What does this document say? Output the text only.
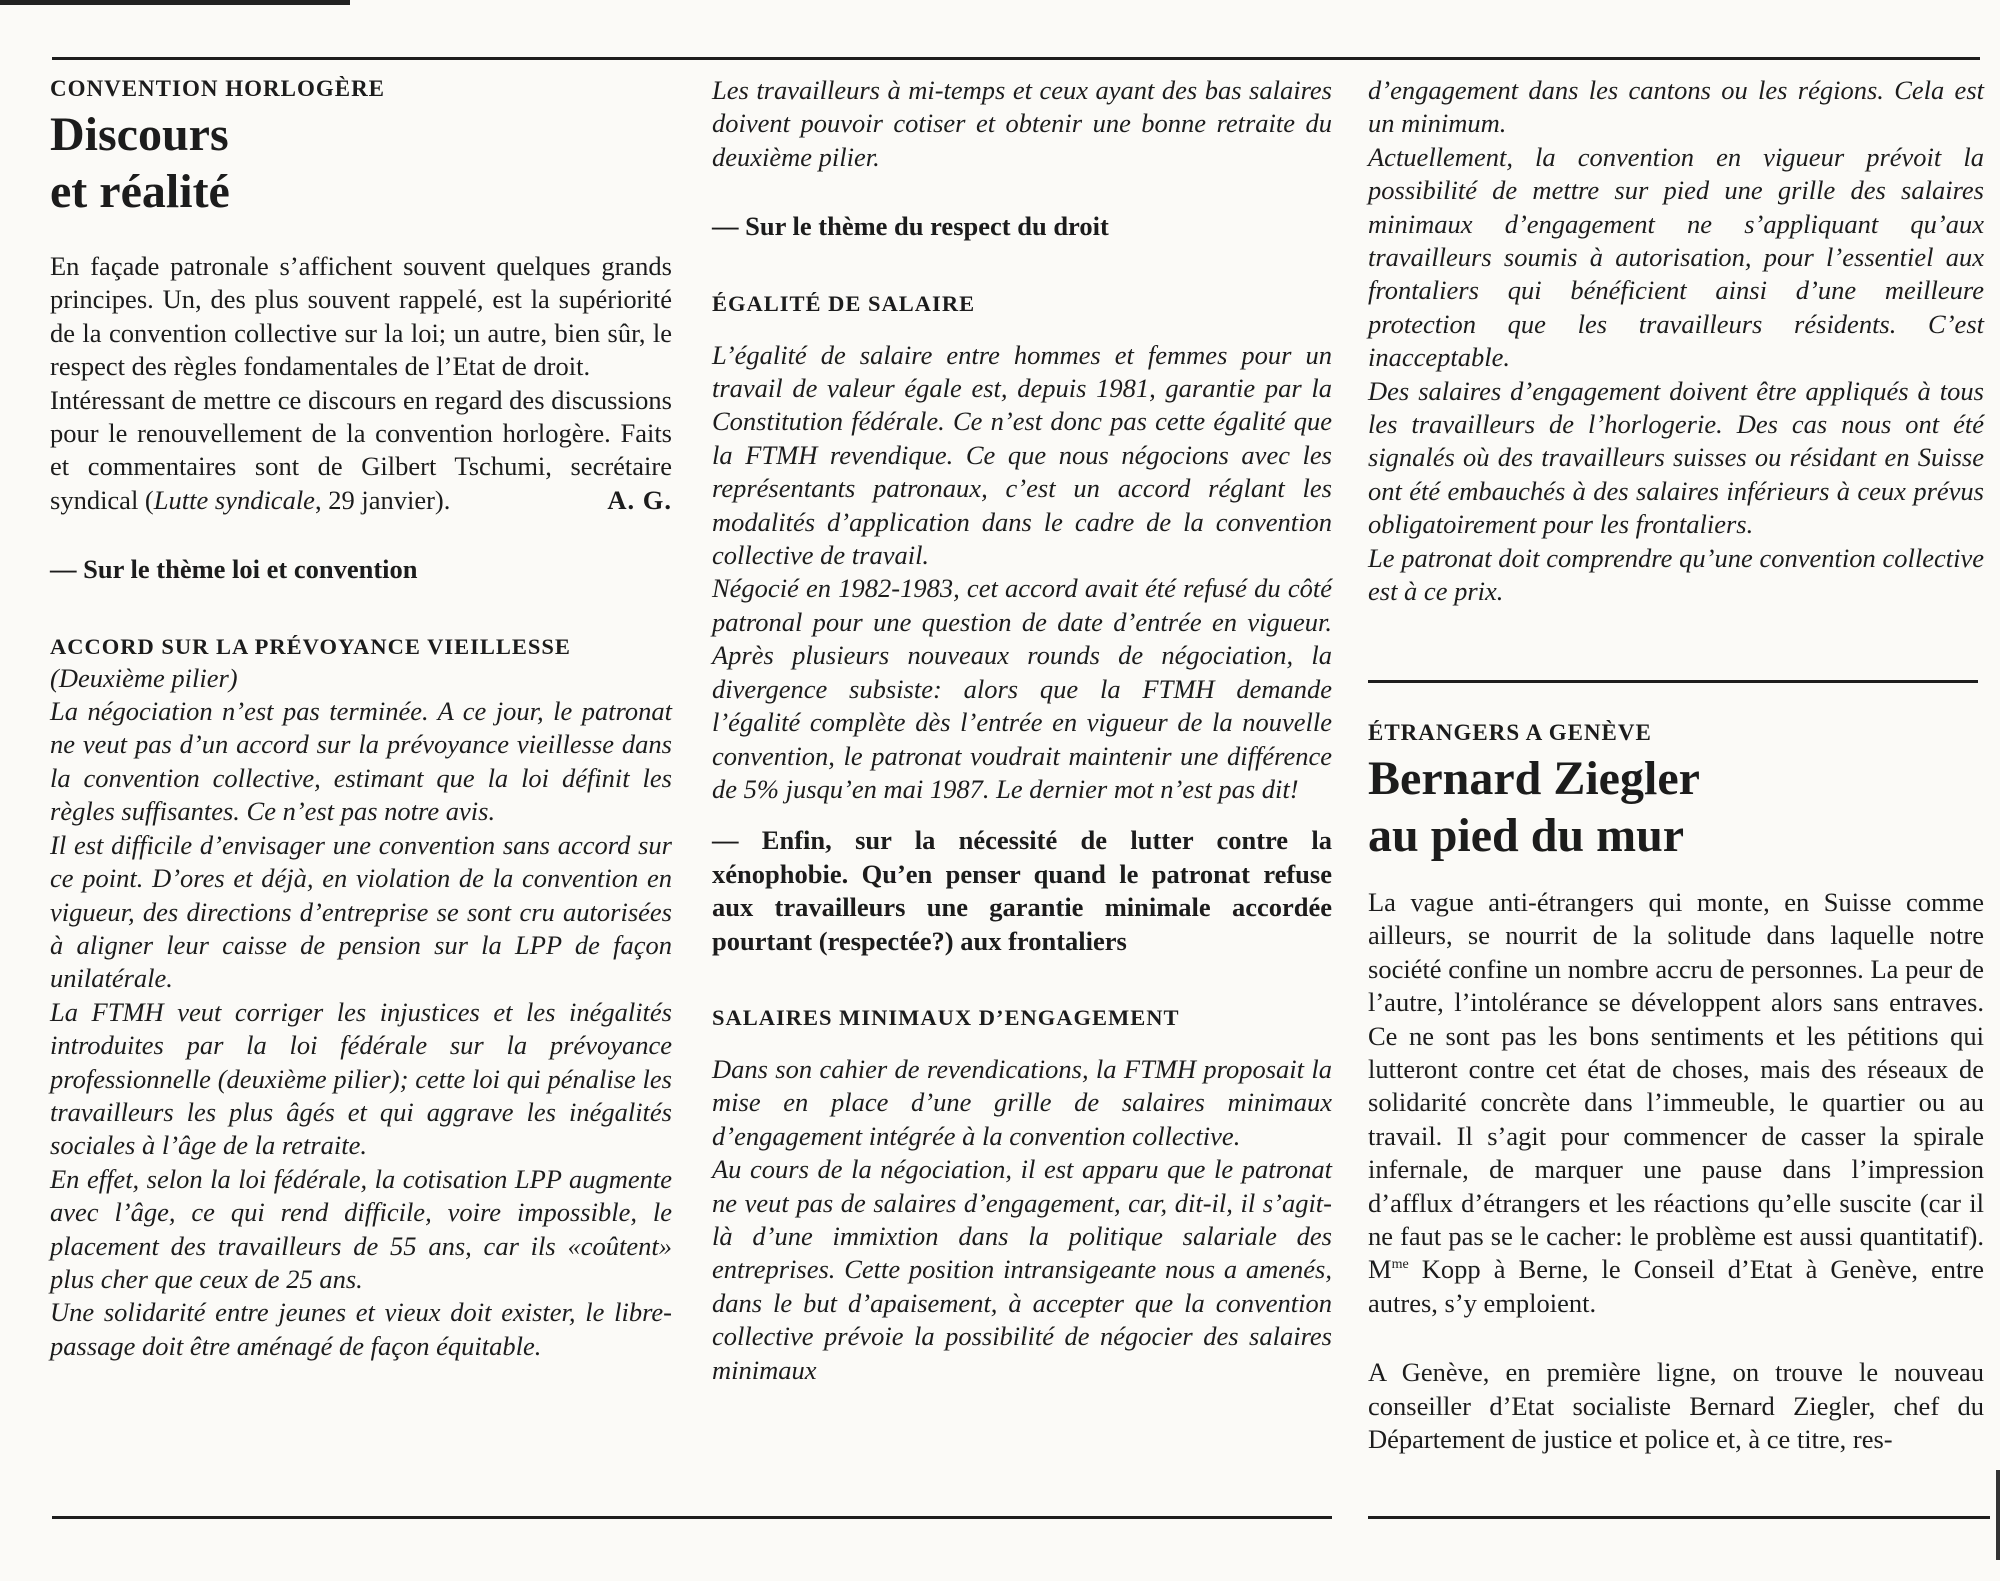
CONVENTION HORLOGÈRE

Discours
et réalité

En façade patronale s’affichent souvent quelques grands principes. Un, des plus souvent rappelé, est la supériorité de la convention collective sur la loi; un autre, bien sûr, le respect des règles fondamentales de l’Etat de droit.

Intéressant de mettre ce discours en regard des discussions pour le renouvellement de la convention horlogère. Faits et commentaires sont de Gilbert Tschumi, secrétaire syndical (Lutte syndicale, 29 janvier).	A. G.

— Sur le thème loi et convention

ACCORD SUR LA PRÉVOYANCE VIEILLESSE

(Deuxième pilier)

La négociation n’est pas terminée. A ce jour, le patronat ne veut pas d’un accord sur la prévoyance vieillesse dans la convention collective, estimant que la loi définit les règles suffisantes. Ce n’est pas notre avis.

Il est difficile d’envisager une convention sans accord sur ce point. D’ores et déjà, en violation de la convention en vigueur, des directions d’entreprise se sont cru autorisées à aligner leur caisse de pension sur la LPP de façon unilatérale.

La FTMH veut corriger les injustices et les inégalités introduites par la loi fédérale sur la prévoyance professionnelle (deuxième pilier); cette loi qui pénalise les travailleurs les plus âgés et qui aggrave les inégalités sociales à l’âge de la retraite.

En effet, selon la loi fédérale, la cotisation LPP augmente avec l’âge, ce qui rend difficile, voire impossible, le placement des travailleurs de 55 ans, car ils «coûtent» plus cher que ceux de 25 ans.

Une solidarité entre jeunes et vieux doit exister, le libre-passage doit être aménagé de façon équitable.

Les travailleurs à mi-temps et ceux ayant des bas salaires doivent pouvoir cotiser et obtenir une bonne retraite du deuxième pilier.

— Sur le thème du respect du droit

ÉGALITÉ DE SALAIRE

L’égalité de salaire entre hommes et femmes pour un travail de valeur égale est, depuis 1981, garantie par la Constitution fédérale. Ce n’est donc pas cette égalité que la FTMH revendique. Ce que nous négocions avec les représentants patronaux, c’est un accord réglant les modalités d’application dans le cadre de la convention collective de travail.

Négocié en 1982-1983, cet accord avait été refusé du côté patronal pour une question de date d’entrée en vigueur. Après plusieurs nouveaux rounds de négociation, la divergence subsiste: alors que la FTMH demande l’égalité complète dès l’entrée en vigueur de la nouvelle convention, le patronat voudrait maintenir une différence de 5% jusqu’en mai 1987. Le dernier mot n’est pas dit!

— Enfin, sur la nécessité de lutter contre la xénophobie. Qu’en penser quand le patronat refuse aux travailleurs une garantie minimale accordée pourtant (respectée?) aux frontaliers

SALAIRES MINIMAUX D’ENGAGEMENT

Dans son cahier de revendications, la FTMH proposait la mise en place d’une grille de salaires minimaux d’engagement intégrée à la convention collective.

Au cours de la négociation, il est apparu que le patronat ne veut pas de salaires d’engagement, car, dit-il, il s’agit-là d’une immixtion dans la politique salariale des entreprises. Cette position intransigeante nous a amenés, dans le but d’apaisement, à accepter que la convention collective prévoie la possibilité de négocier des salaires minimaux

d’engagement dans les cantons ou les régions. Cela est un minimum.

Actuellement, la convention en vigueur prévoit la possibilité de mettre sur pied une grille des salaires minimaux d’engagement ne s’appliquant qu’aux travailleurs soumis à autorisation, pour l’essentiel aux frontaliers qui bénéficient ainsi d’une meilleure protection que les travailleurs résidents. C’est inacceptable.

Des salaires d’engagement doivent être appliqués à tous les travailleurs de l’horlogerie. Des cas nous ont été signalés où des travailleurs suisses ou résidant en Suisse ont été embauchés à des salaires inférieurs à ceux prévus obligatoirement pour les frontaliers.

Le patronat doit comprendre qu’une convention collective est à ce prix.

ÉTRANGERS A GENÈVE

Bernard Ziegler
au pied du mur

La vague anti-étrangers qui monte, en Suisse comme ailleurs, se nourrit de la solitude dans laquelle notre société confine un nombre accru de personnes. La peur de l’autre, l’intolérance se développent alors sans entraves. Ce ne sont pas les bons sentiments et les pétitions qui lutteront contre cet état de choses, mais des réseaux de solidarité concrète dans l’immeuble, le quartier ou au travail. Il s’agit pour commencer de casser la spirale infernale, de marquer une pause dans l’impression d’afflux d’étrangers et les réactions qu’elle suscite (car il ne faut pas se le cacher: le problème est aussi quantitatif). $M^{me}$ Kopp à Berne, le Conseil d’Etat à Genève, entre autres, s’y emploient.

A Genève, en première ligne, on trouve le nouveau conseiller d’Etat socialiste Bernard Ziegler, chef du Département de justice et police et, à ce titre, res-
